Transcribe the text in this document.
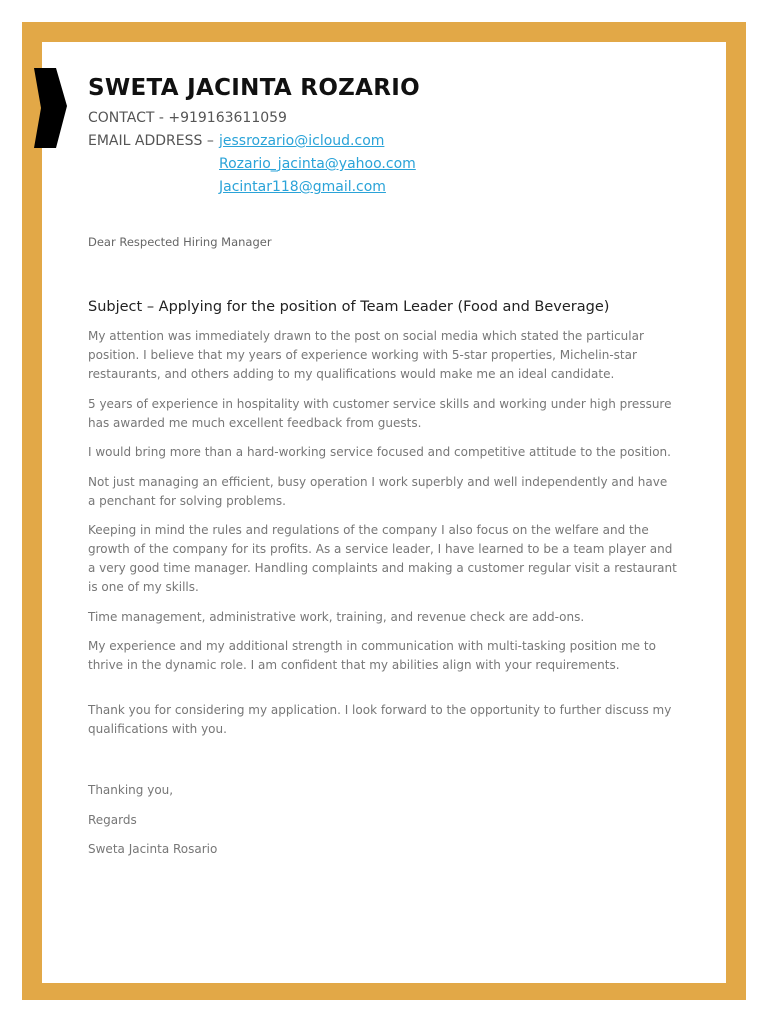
SWETA JACINTA ROZARIO
CONTACT - +919163611059
EMAIL ADDRESS – jessrozario@icloud.com
Rozario_jacinta@yahoo.com
Jacintar118@gmail.com
Dear Respected Hiring Manager
Subject – Applying for the position of Team Leader (Food and Beverage)

My attention was immediately drawn to the post on social media which stated the particular position. I believe that my years of experience working with 5-star properties, Michelin-star restaurants, and others adding to my qualifications would make me an ideal candidate.

5 years of experience in hospitality with customer service skills and working under high pressure has awarded me much excellent feedback from guests.

I would bring more than a hard-working service focused and competitive attitude to the position.

Not just managing an efficient, busy operation I work superbly and well independently and have a penchant for solving problems.

Keeping in mind the rules and regulations of the company I also focus on the welfare and the growth of the company for its profits. As a service leader, I have learned to be a team player and a very good time manager. Handling complaints and making a customer regular visit a restaurant is one of my skills.

Time management, administrative work, training, and revenue check are add-ons.

My experience and my additional strength in communication with multi-tasking position me to thrive in the dynamic role. I am confident that my abilities align with your requirements.

Thank you for considering my application. I look forward to the opportunity to further discuss my qualifications with you.

Thanking you,
Regards
Sweta Jacinta Rosario
